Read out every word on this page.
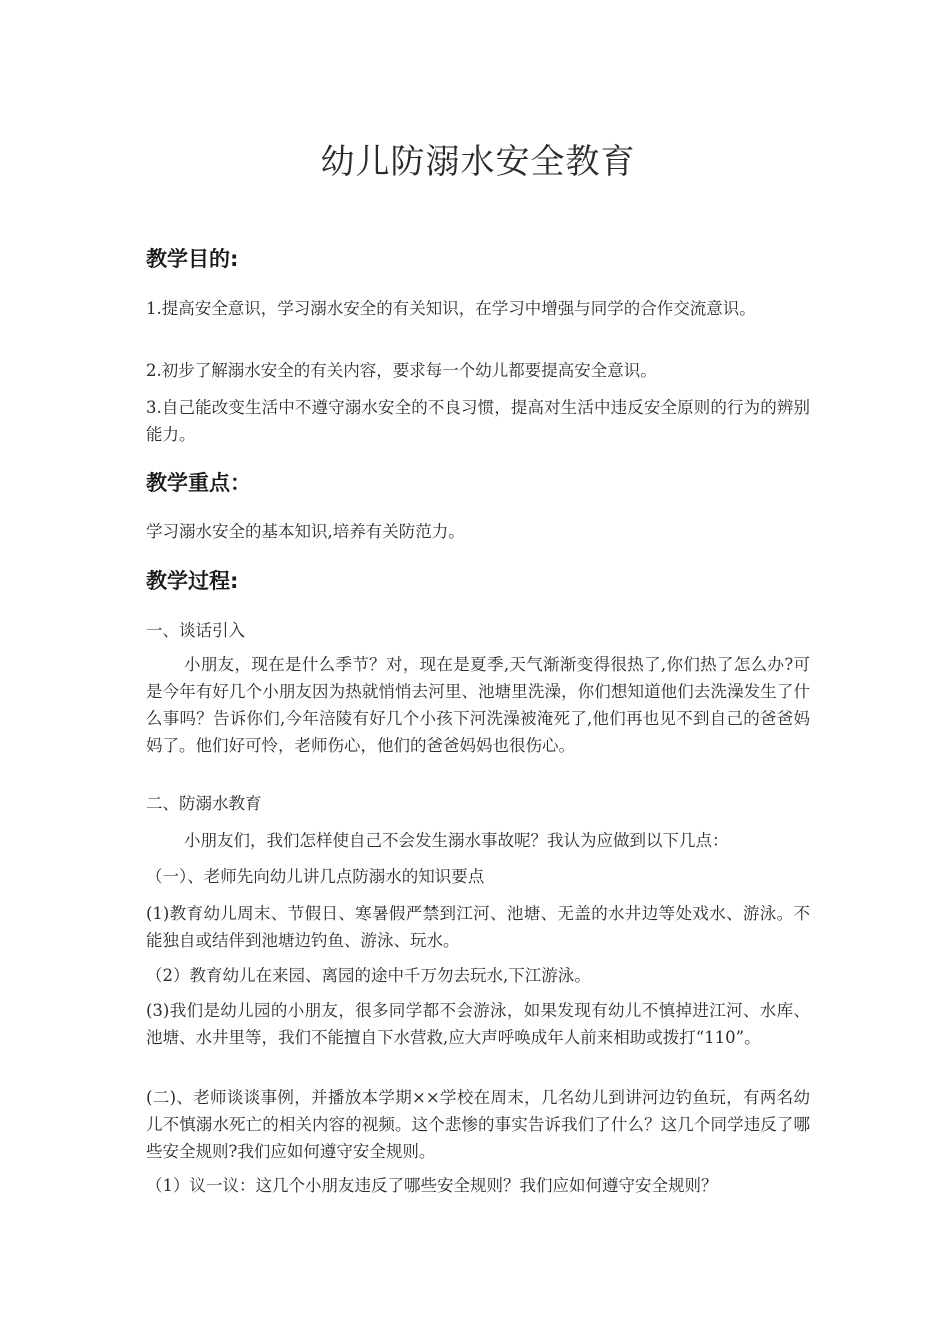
幼儿防溺水安全教育
教学目的:

1.提高安全意识，学习溺水安全的有关知识，在学习中增强与同学的合作交流意识。

2.初步了解溺水安全的有关内容，要求每一个幼儿都要提高安全意识。

3.自己能改变生活中不遵守溺水安全的不良习惯，提高对生活中违反安全原则的行为的辨别能力。

教学重点：

学习溺水安全的基本知识,培养有关防范力。

教学过程:

一、谈话引入

小朋友，现在是什么季节？对，现在是夏季,天气渐渐变得很热了,你们热了怎么办?可是今年有好几个小朋友因为热就悄悄去河里、池塘里洗澡，你们想知道他们去洗澡发生了什么事吗？告诉你们,今年涪陵有好几个小孩下河洗澡被淹死了,他们再也见不到自己的爸爸妈妈了。他们好可怜，老师伤心，他们的爸爸妈妈也很伤心。

二、防溺水教育

小朋友们，我们怎样使自己不会发生溺水事故呢？我认为应做到以下几点：

（一）、老师先向幼儿讲几点防溺水的知识要点

(1)教育幼儿周末、节假日、寒暑假严禁到江河、池塘、无盖的水井边等处戏水、游泳。不能独自或结伴到池塘边钓鱼、游泳、玩水。

（2）教育幼儿在来园、离园的途中千万勿去玩水,下江游泳。

(3)我们是幼儿园的小朋友，很多同学都不会游泳，如果发现有幼儿不慎掉进江河、水库、池塘、水井里等，我们不能擅自下水营救,应大声呼唤成年人前来相助或拨打“110”。

(二)、老师谈谈事例，并播放本学期××学校在周末，几名幼儿到讲河边钓鱼玩，有两名幼儿不慎溺水死亡的相关内容的视频。这个悲惨的事实告诉我们了什么？这几个同学违反了哪些安全规则?我们应如何遵守安全规则。

（1）议一议：这几个小朋友违反了哪些安全规则？我们应如何遵守安全规则？
